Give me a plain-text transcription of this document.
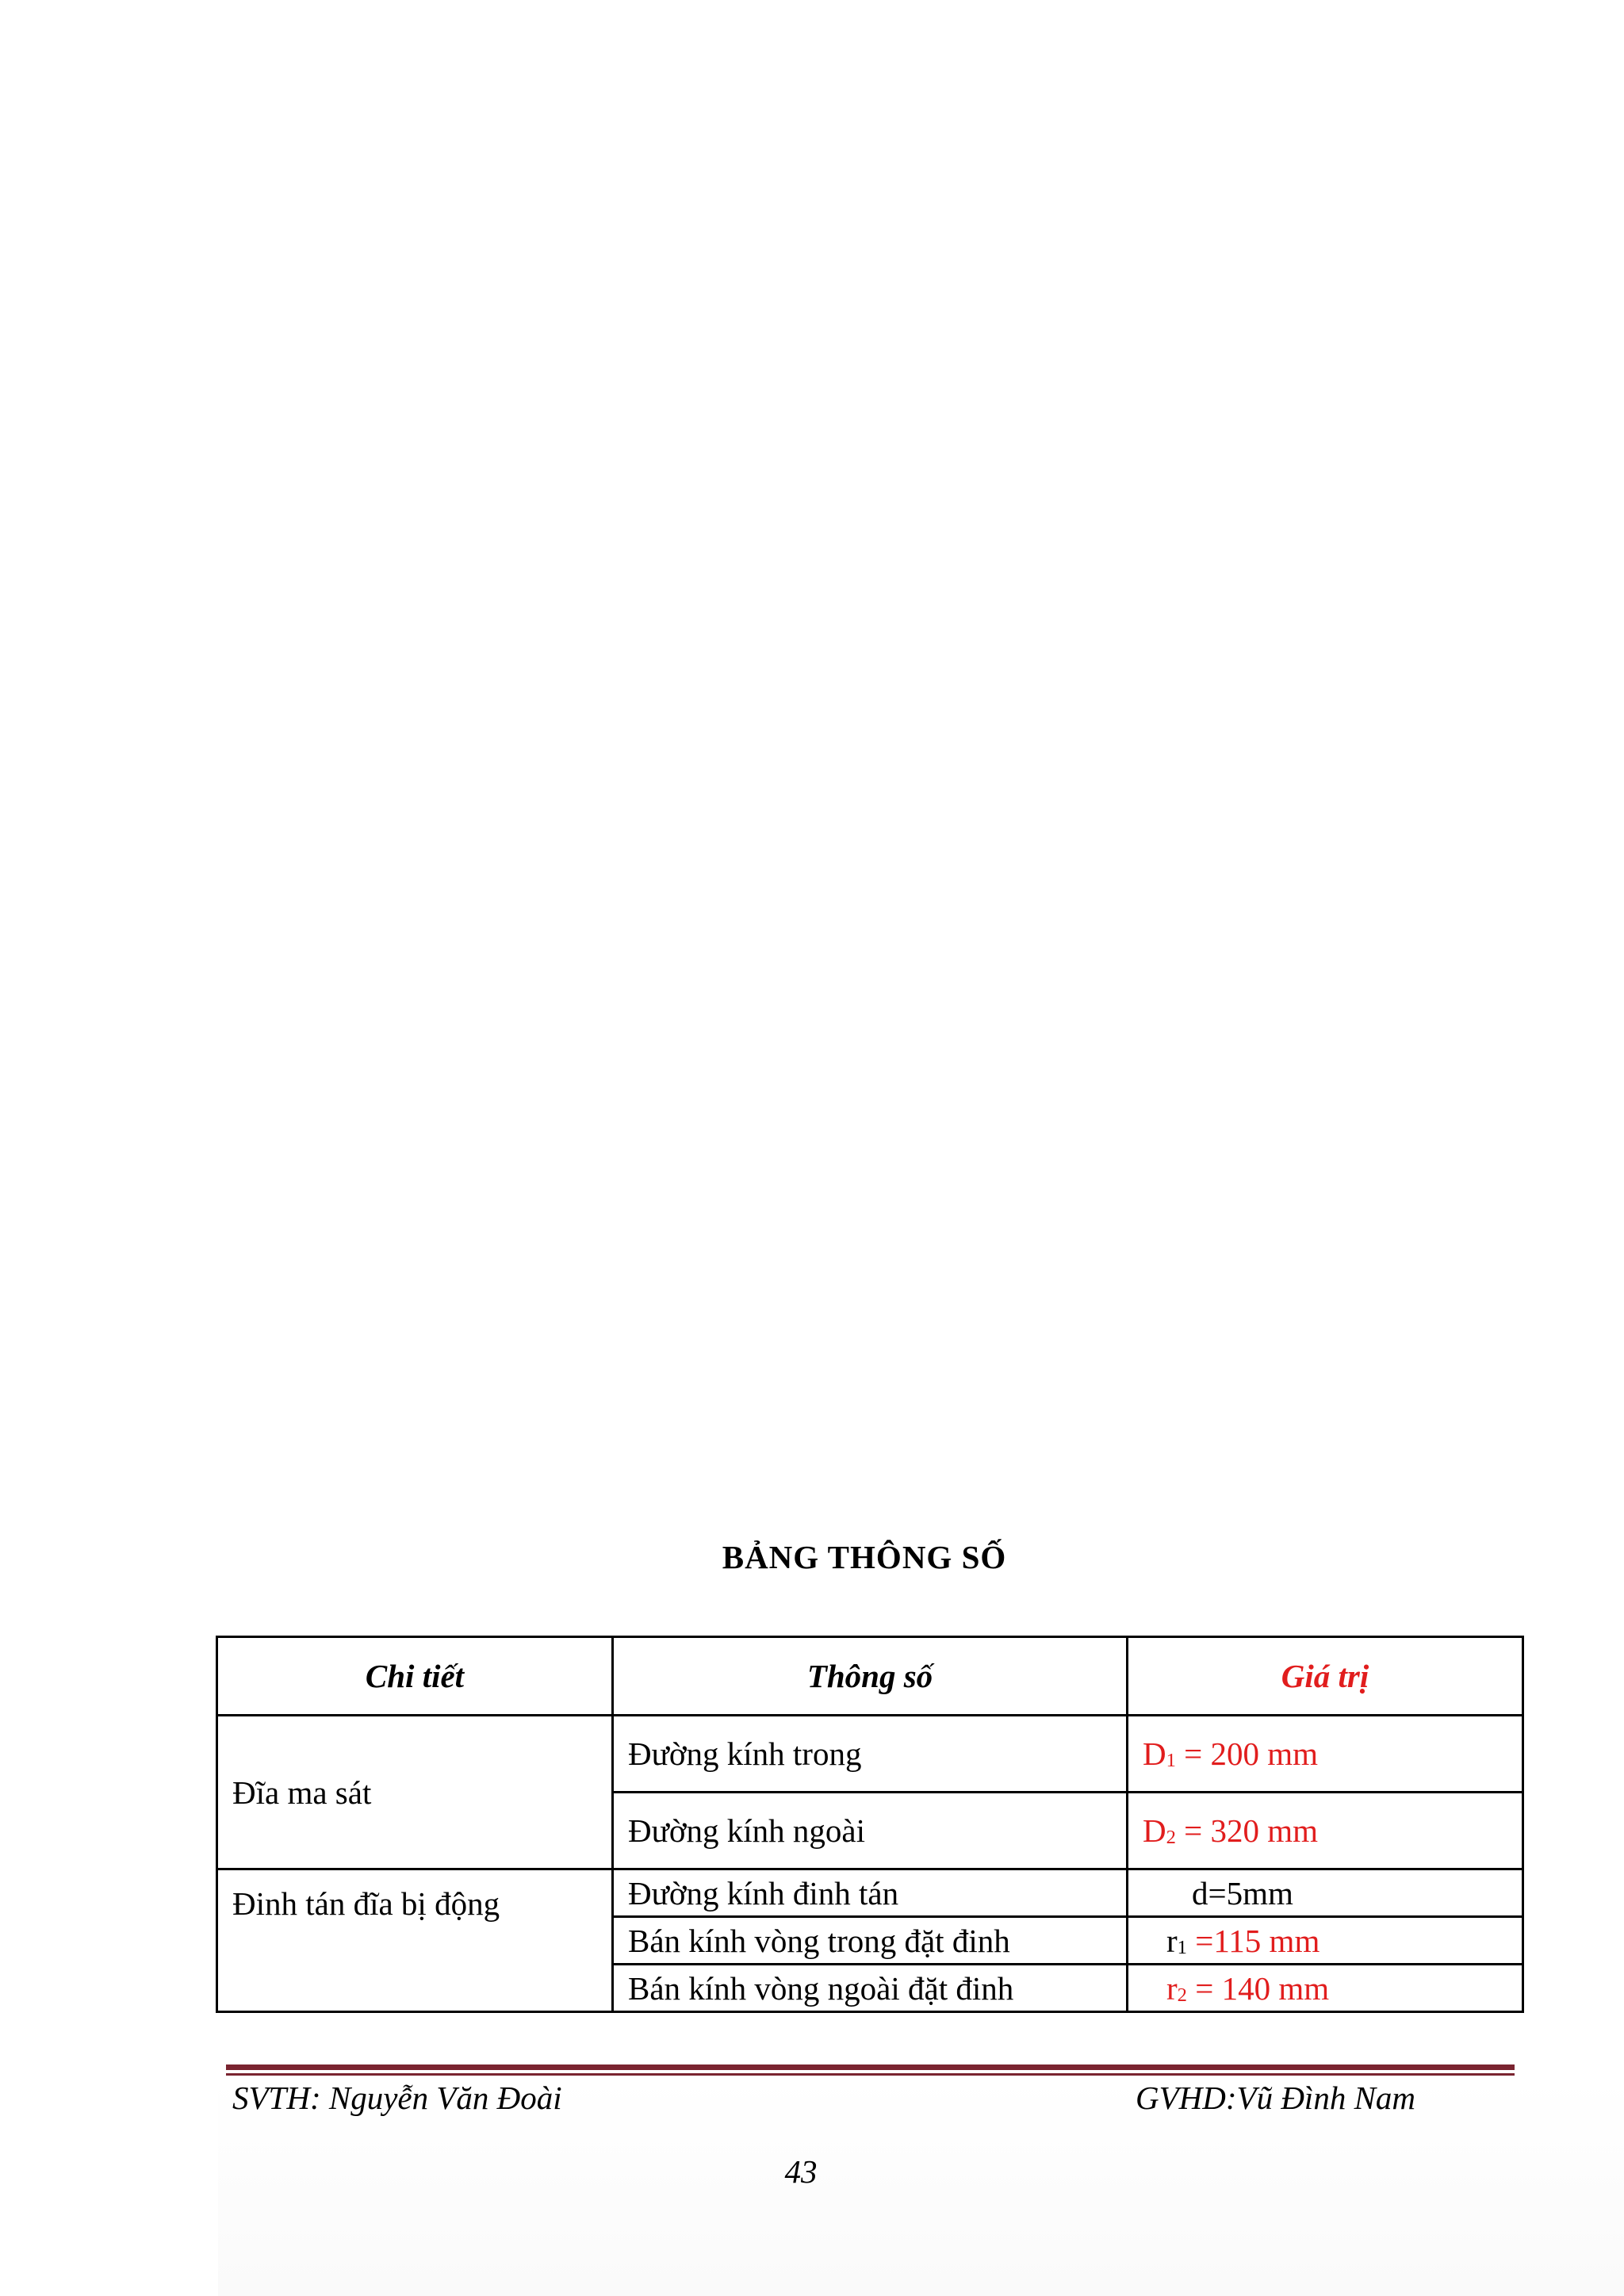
BẢNG THÔNG SỐ
Chi tiết	Thông số	Giá trị
Đĩa ma sát	Đường kính trong	$D_1 = 200$ mm
	Đường kính ngoài	$D_2 = 320$ mm
Đinh tán đĩa bị động	Đường kính đinh tán	d=5mm
	Bán kính vòng trong đặt đinh	$r_1 =115$ mm
	Bán kính vòng ngoài đặt đinh	$r_2 = 140$ mm
SVTH: Nguyễn Văn Đoài	GVHD:Vũ Đình Nam
43
